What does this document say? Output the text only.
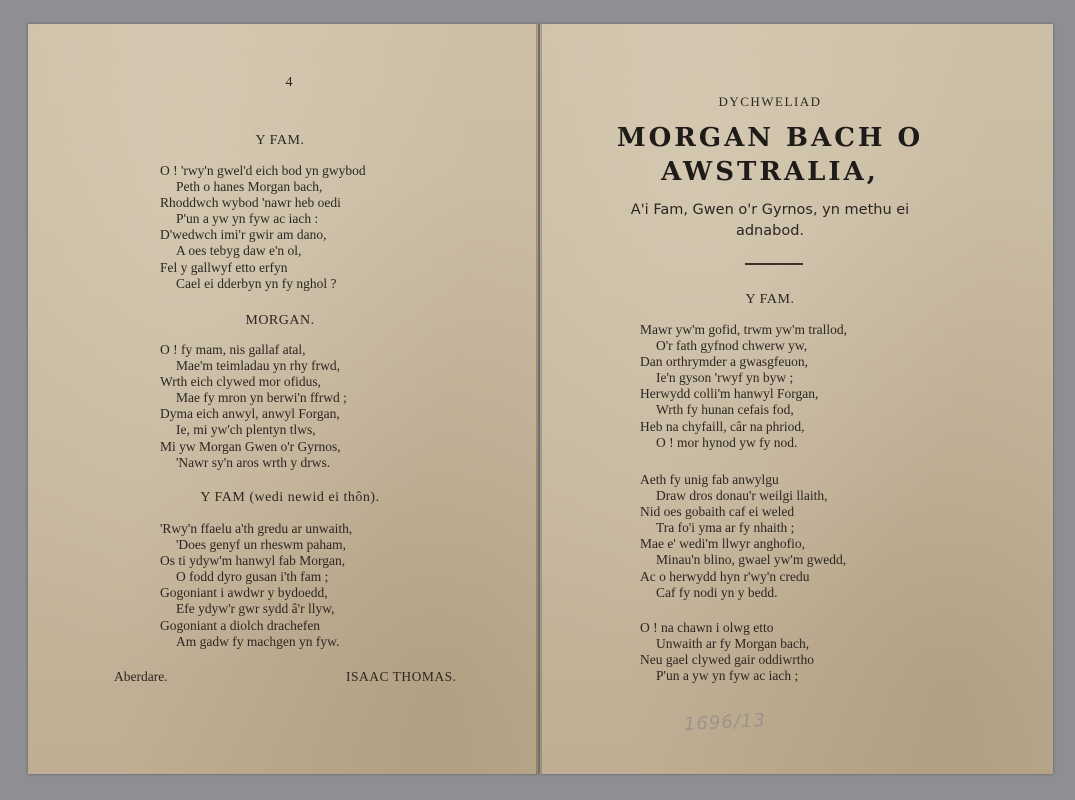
4
Y FAM.
O ! 'rwy'n gwel'd eich bod yn gwybod
Peth o hanes Morgan bach,
Rhoddwch wybod 'nawr heb oedi
P'un a yw yn fyw ac iach :
D'wedwch imi'r gwir am dano,
A oes tebyg daw e'n ol,
Fel y gallwyf etto erfyn
Cael ei dderbyn yn fy nghol ?
MORGAN.
O ! fy mam, nis gallaf atal,
Mae'm teimladau yn rhy frwd,
Wrth eich clywed mor ofidus,
Mae fy mron yn berwi'n ffrwd ;
Dyma eich anwyl, anwyl Forgan,
Ie, mi yw'ch plentyn tlws,
Mi yw Morgan Gwen o'r Gyrnos,
'Nawr sy'n aros wrth y drws.
Y FAM (wedi newid ei thôn).
'Rwy'n ffaelu a'th gredu ar unwaith,
'Does genyf un rheswm paham,
Os ti ydyw'm hanwyl fab Morgan,
O fodd dyro gusan i'th fam ;
Gogoniant i awdwr y bydoedd,
Efe ydyw'r gwr sydd â'r llyw,
Gogoniant a diolch drachefen
Am gadw fy machgen yn fyw.
Aberdare.	ISAAC THOMAS.
DYCHWELIAD
MORGAN BACH O
AWSTRALIA,
A'i Fam, Gwen o'r Gyrnos, yn methu ei adnabod.
Y FAM.
Mawr yw'm gofid, trwm yw'm trallod,
O'r fath gyfnod chwerw yw,
Dan orthrymder a gwasgfeuon,
Ie'n gyson 'rwyf yn byw ;
Herwydd colli'm hanwyl Forgan,
Wrth fy hunan cefais fod,
Heb na chyfaill, câr na phriod,
O ! mor hynod yw fy nod.
Aeth fy unig fab anwylgu
Draw dros donau'r weilgi llaith,
Nid oes gobaith caf ei weled
Tra fo'i yma ar fy nhaith ;
Mae e' wedi'm llwyr anghofio,
Minau'n blino, gwael yw'm gwedd,
Ac o herwydd hyn r'wy'n credu
Caf fy nodi yn y bedd.
O ! na chawn i olwg etto
Unwaith ar fy Morgan bach,
Neu gael clywed gair oddiwrtho
P'un a yw yn fyw ac iach ;
1696/13
